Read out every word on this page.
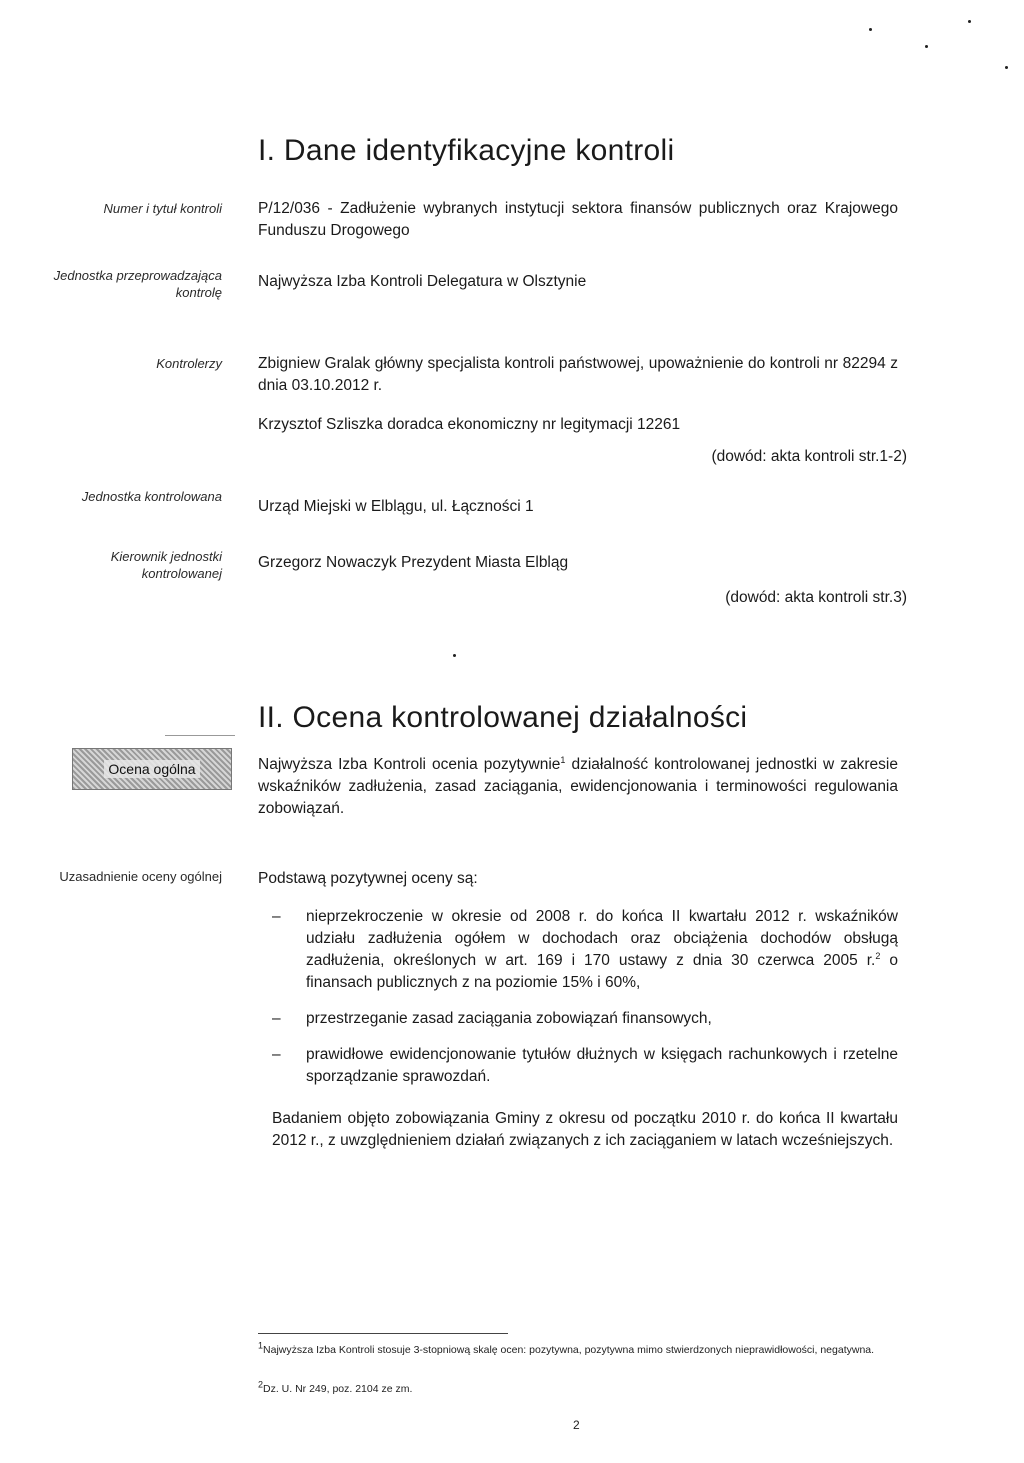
I. Dane identyfikacyjne kontroli
Numer i tytuł kontroli P/12/036 - Zadłużenie wybranych instytucji sektora finansów publicznych oraz Krajowego Funduszu Drogowego
Jednostka przeprowadzająca kontrolę
Najwyższa Izba Kontroli Delegatura w Olsztynie
Kontrolerzy Zbigniew Gralak główny specjalista kontroli państwowej, upoważnienie do kontroli nr 82294 z dnia 03.10.2012 r.
Krzysztof Szliszka doradca ekonomiczny nr legitymacji 12261
(dowód: akta kontroli str.1-2)
Jednostka kontrolowana
Urząd Miejski w Elblągu, ul. Łączności 1
Kierownik jednostki kontrolowanej
Grzegorz Nowaczyk Prezydent Miasta Elbląg
(dowód: akta kontroli str.3)
II. Ocena kontrolowanej działalności
Ocena ogólna	Najwyższa Izba Kontroli ocenia pozytywnie$^1$ działalność kontrolowanej jednostki w zakresie wskaźników zadłużenia, zasad zaciągania, ewidencjonowania i terminowości regulowania zobowiązań.
Uzasadnienie oceny ogólnej Podstawą pozytywnej oceny są:
– nieprzekroczenie w okresie od 2008 r. do końca II kwartału 2012 r. wskaźników udziału zadłużenia ogółem w dochodach oraz obciążenia dochodów obsługą zadłużenia, określonych w art. 169 i 170 ustawy z dnia 30 czerwca 2005 r.$^2$ o finansach publicznych z na poziomie 15% i 60%,
– przestrzeganie zasad zaciągania zobowiązań finansowych,
– prawidłowe ewidencjonowanie tytułów dłużnych w księgach rachunkowych i rzetelne sporządzanie sprawozdań.
Badaniem objęto zobowiązania Gminy z okresu od początku 2010 r. do końca II kwartału 2012 r., z uwzględnieniem działań związanych z ich zaciąganiem w latach wcześniejszych.
$^1$Najwyższa Izba Kontroli stosuje 3-stopniową skalę ocen: pozytywna, pozytywna mimo stwierdzonych nieprawidłowości, negatywna.
$^2$Dz. U. Nr 249, poz. 2104 ze zm.
2
